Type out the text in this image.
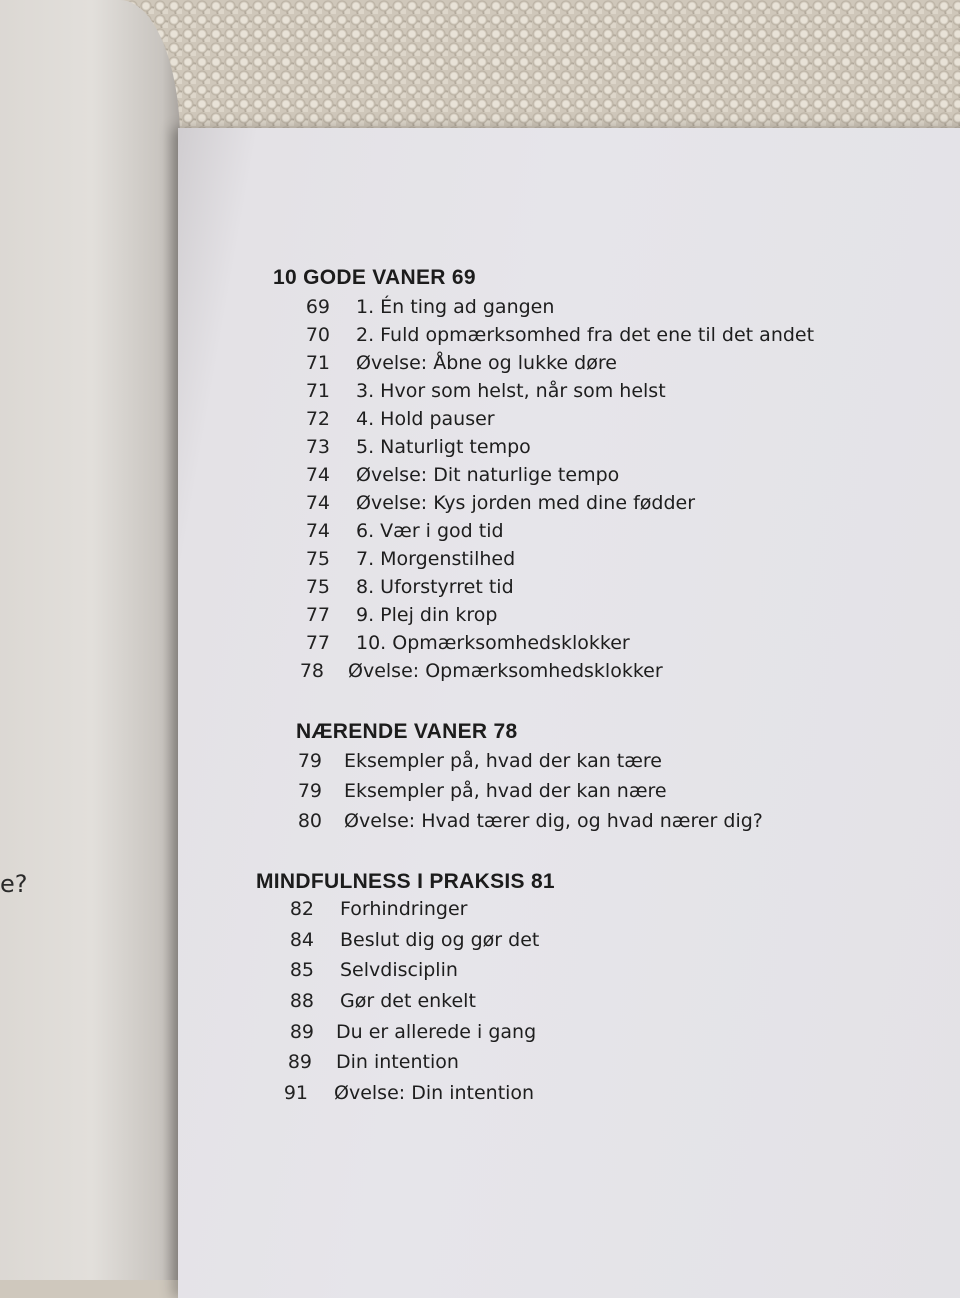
e?
10 GODE VANER 69
69 1. Én ting ad gangen
70 2. Fuld opmærksomhed fra det ene til det andet
71 Øvelse: Åbne og lukke døre
71 3. Hvor som helst, når som helst
72 4. Hold pauser
73 5. Naturligt tempo
74 Øvelse: Dit naturlige tempo
74 Øvelse: Kys jorden med dine fødder
74 6. Vær i god tid
75 7. Morgenstilhed
75 8. Uforstyrret tid
77 9. Plej din krop
77 10. Opmærksomhedsklokker
78 Øvelse: Opmærksomhedsklokker
NÆRENDE VANER 78
79 Eksempler på, hvad der kan tære
79 Eksempler på, hvad der kan nære
80 Øvelse: Hvad tærer dig, og hvad nærer dig?
MINDFULNESS I PRAKSIS 81
82 Forhindringer
84 Beslut dig og gør det
85 Selvdisciplin
88 Gør det enkelt
89 Du er allerede i gang
89 Din intention
91 Øvelse: Din intention
